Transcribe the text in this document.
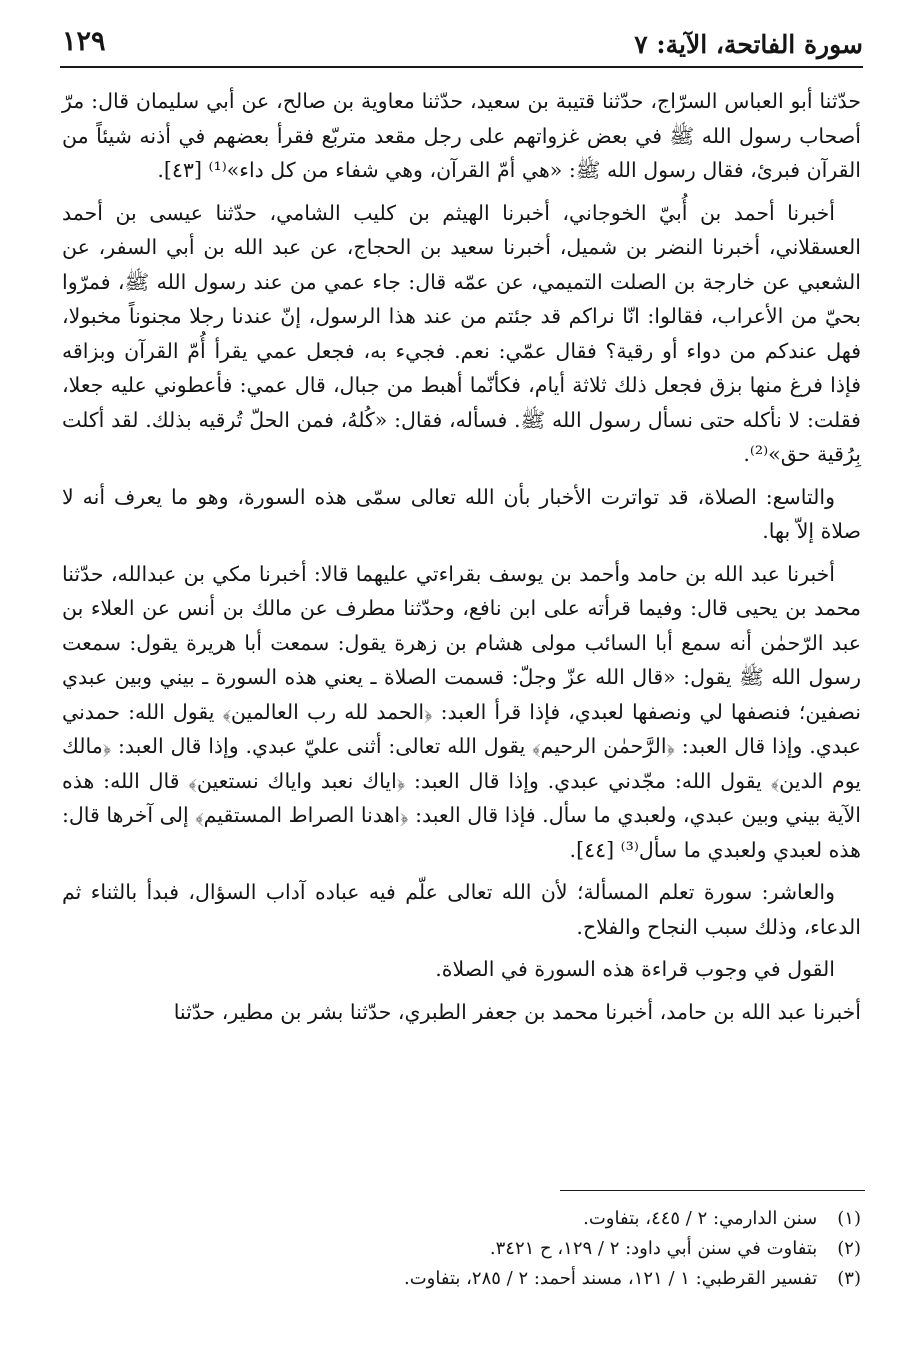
سورة الفاتحة، الآية: ٧
١٢٩

حدّثنا أبو العباس السرّاج، حدّثنا قتيبة بن سعيد، حدّثنا معاوية بن صالح، عن أبي سليمان قال: مرّ أصحاب رسول الله ﷺ في بعض غزواتهم على رجل مقعد متربّع فقرأ بعضهم في أذنه شيئاً من القرآن فبرئ، فقال رسول الله ﷺ: «هي أمّ القرآن، وهي شفاء من كل داء»⁽¹⁾ [٤٣].

أخبرنا أحمد بن أُبيّ الخوجاني، أخبرنا الهيثم بن كليب الشامي، حدّثنا عيسى بن أحمد العسقلاني، أخبرنا النضر بن شميل، أخبرنا سعيد بن الحجاج، عن عبد الله بن أبي السفر، عن الشعبي عن خارجة بن الصلت التميمي، عن عمّه قال: جاء عمي من عند رسول الله ﷺ، فمرّوا بحيّ من الأعراب، فقالوا: انّا نراكم قد جئتم من عند هذا الرسول، إنّ عندنا رجلا مجنوناً مخبولا، فهل عندكم من دواء أو رقية؟ فقال عمّي: نعم. فجيء به، فجعل عمي يقرأ أُمّ القرآن وبزاقه فإذا فرغ منها بزق فجعل ذلك ثلاثة أيام، فكأنّما أهبط من جبال، قال عمي: فأعطوني عليه جعلا، فقلت: لا نأكله حتى نسأل رسول الله ﷺ. فسأله، فقال: «كُلهُ، فمن الحلّ تُرقيه بذلك. لقد أكلت بِرُقية حق»⁽²⁾.

والتاسع: الصلاة، قد تواترت الأخبار بأن الله تعالى سمّى هذه السورة، وهو ما يعرف أنه لا صلاة إلاّ بها.

أخبرنا عبد الله بن حامد وأحمد بن يوسف بقراءتي عليهما قالا: أخبرنا مكي بن عبدالله، حدّثنا محمد بن يحيى قال: وفيما قرأته على ابن نافع، وحدّثنا مطرف عن مالك بن أنس عن العلاء بن عبد الرّحمٰن أنه سمع أبا السائب مولى هشام بن زهرة يقول: سمعت أبا هريرة يقول: سمعت رسول الله ﷺ يقول: «قال الله عزّ وجلّ: قسمت الصلاة ـ يعني هذه السورة ـ بيني وبين عبدي نصفين؛ فنصفها لي ونصفها لعبدي، فإذا قرأ العبد: ﴿الحمد لله رب العالمين﴾ يقول الله: حمدني عبدي. وإذا قال العبد: ﴿الرَّحمٰن الرحيم﴾ يقول الله تعالى: أثنى عليّ عبدي. وإذا قال العبد: ﴿مالك يوم الدين﴾ يقول الله: مجّدني عبدي. وإذا قال العبد: ﴿اياك نعبد واياك نستعين﴾ قال الله: هذه الآية بيني وبين عبدي، ولعبدي ما سأل. فإذا قال العبد: ﴿اهدنا الصراط المستقيم﴾ إلى آخرها قال: هذه لعبدي ولعبدي ما سأل⁽³⁾ [٤٤].

والعاشر: سورة تعلم المسألة؛ لأن الله تعالى علّم فيه عباده آداب السؤال، فبدأ بالثناء ثم الدعاء، وذلك سبب النجاح والفلاح.

القول في وجوب قراءة هذه السورة في الصلاة.

أخبرنا عبد الله بن حامد، أخبرنا محمد بن جعفر الطبري، حدّثنا بشر بن مطير، حدّثنا

(١) سنن الدارمي: ٢ / ٤٤٥، بتفاوت.
(٢) بتفاوت في سنن أبي داود: ٢ / ١٢٩، ح ٣٤٢١.
(٣) تفسير القرطبي: ١ / ١٢١، مسند أحمد: ٢ / ٢٨٥، بتفاوت.
